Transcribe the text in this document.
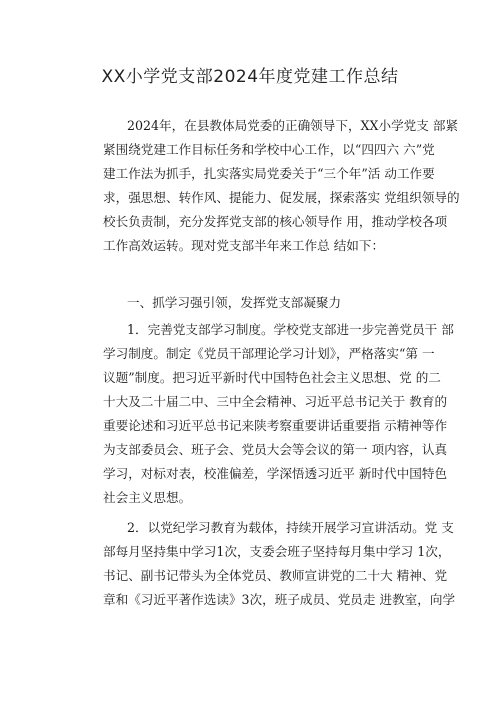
XX小学党支部2024年度党建工作总结
2024年，在县教体局党委的正确领导下，XX小学党支 部紧
紧围绕党建工作目标任务和学校中心工作，以“四四六 六”党
建工作法为抓手，扎实落实局党委关于“三个年”活 动工作要
求，强思想、转作风、提能力、促发展，探索落实 党组织领导的
校长负责制，充分发挥党支部的核心领导作 用，推动学校各项
工作高效运转。现对党支部半年来工作总 结如下：
一、抓学习强引领，发挥党支部凝聚力
1．完善党支部学习制度。学校党支部进一步完善党员干 部
学习制度。制定《党员干部理论学习计划》，严格落实“第 一
议题”制度。把习近平新时代中国特色社会主义思想、党 的二
十大及二十届二中、三中全会精神、习近平总书记关于 教育的
重要论述和习近平总书记来陕考察重要讲话重要指 示精神等作
为支部委员会、班子会、党员大会等会议的第一 项内容，认真
学习，对标对表，校准偏差，学深悟透习近平 新时代中国特色
社会主义思想。
2．以党纪学习教育为载体，持续开展学习宣讲活动。党 支
部每月坚持集中学习1次，支委会班子坚持每月集中学习 1次，
书记、副书记带头为全体党员、教师宣讲党的二十大 精神、党
章和《习近平著作选读》3次，班子成员、党员走 进教室，向学
